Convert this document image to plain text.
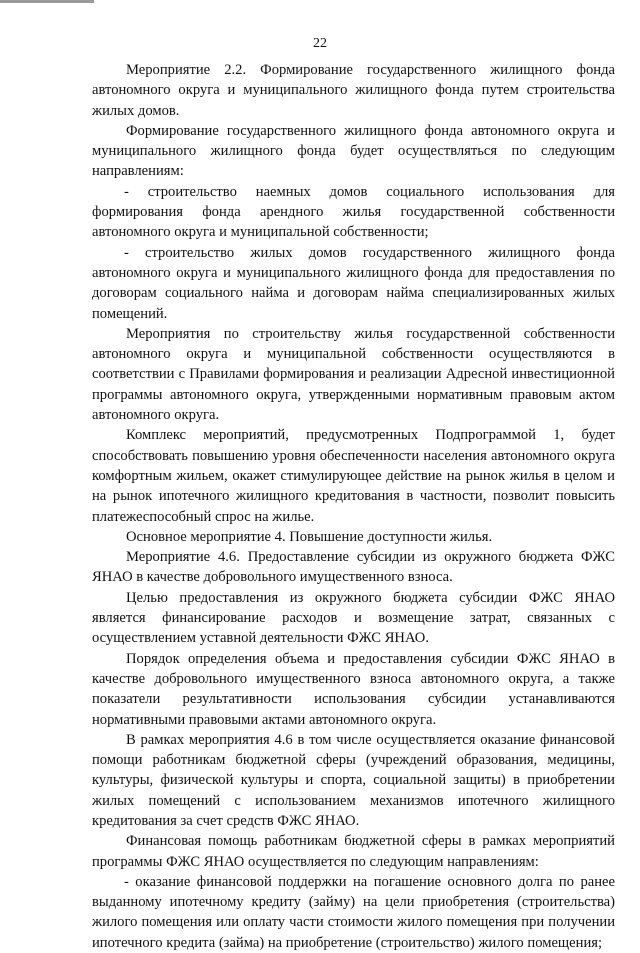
22

Мероприятие 2.2. Формирование государственного жилищного фонда автономного округа и муниципального жилищного фонда путем строительства жилых домов.

Формирование государственного жилищного фонда автономного округа и муниципального жилищного фонда будет осуществляться по следующим направлениям:

- строительство наемных домов социального использования для формирования фонда арендного жилья государственной собственности автономного округа и муниципальной собственности;

- строительство жилых домов государственного жилищного фонда автономного округа и муниципального жилищного фонда для предоставления по договорам социального найма и договорам найма специализированных жилых помещений.

Мероприятия по строительству жилья государственной собственности автономного округа и муниципальной собственности осуществляются в соответствии с Правилами формирования и реализации Адресной инвестиционной программы автономного округа, утвержденными нормативным правовым актом автономного округа.

Комплекс мероприятий, предусмотренных Подпрограммой 1, будет способствовать повышению уровня обеспеченности населения автономного округа комфортным жильем, окажет стимулирующее действие на рынок жилья в целом и на рынок ипотечного жилищного кредитования в частности, позволит повысить платежеспособный спрос на жилье.

Основное мероприятие 4. Повышение доступности жилья.

Мероприятие 4.6. Предоставление субсидии из окружного бюджета ФЖС ЯНАО в качестве добровольного имущественного взноса.

Целью предоставления из окружного бюджета субсидии ФЖС ЯНАО является финансирование расходов и возмещение затрат, связанных с осуществлением уставной деятельности ФЖС ЯНАО.

Порядок определения объема и предоставления субсидии ФЖС ЯНАО в качестве добровольного имущественного взноса автономного округа, а также показатели результативности использования субсидии устанавливаются нормативными правовыми актами автономного округа.

В рамках мероприятия 4.6 в том числе осуществляется оказание финансовой помощи работникам бюджетной сферы (учреждений образования, медицины, культуры, физической культуры и спорта, социальной защиты) в приобретении жилых помещений с использованием механизмов ипотечного жилищного кредитования за счет средств ФЖС ЯНАО.

Финансовая помощь работникам бюджетной сферы в рамках мероприятий программы ФЖС ЯНАО осуществляется по следующим направлениям:

- оказание финансовой поддержки на погашение основного долга по ранее выданному ипотечному кредиту (займу) на цели приобретения (строительства) жилого помещения или оплату части стоимости жилого помещения при получении ипотечного кредита (займа) на приобретение (строительство) жилого помещения;
